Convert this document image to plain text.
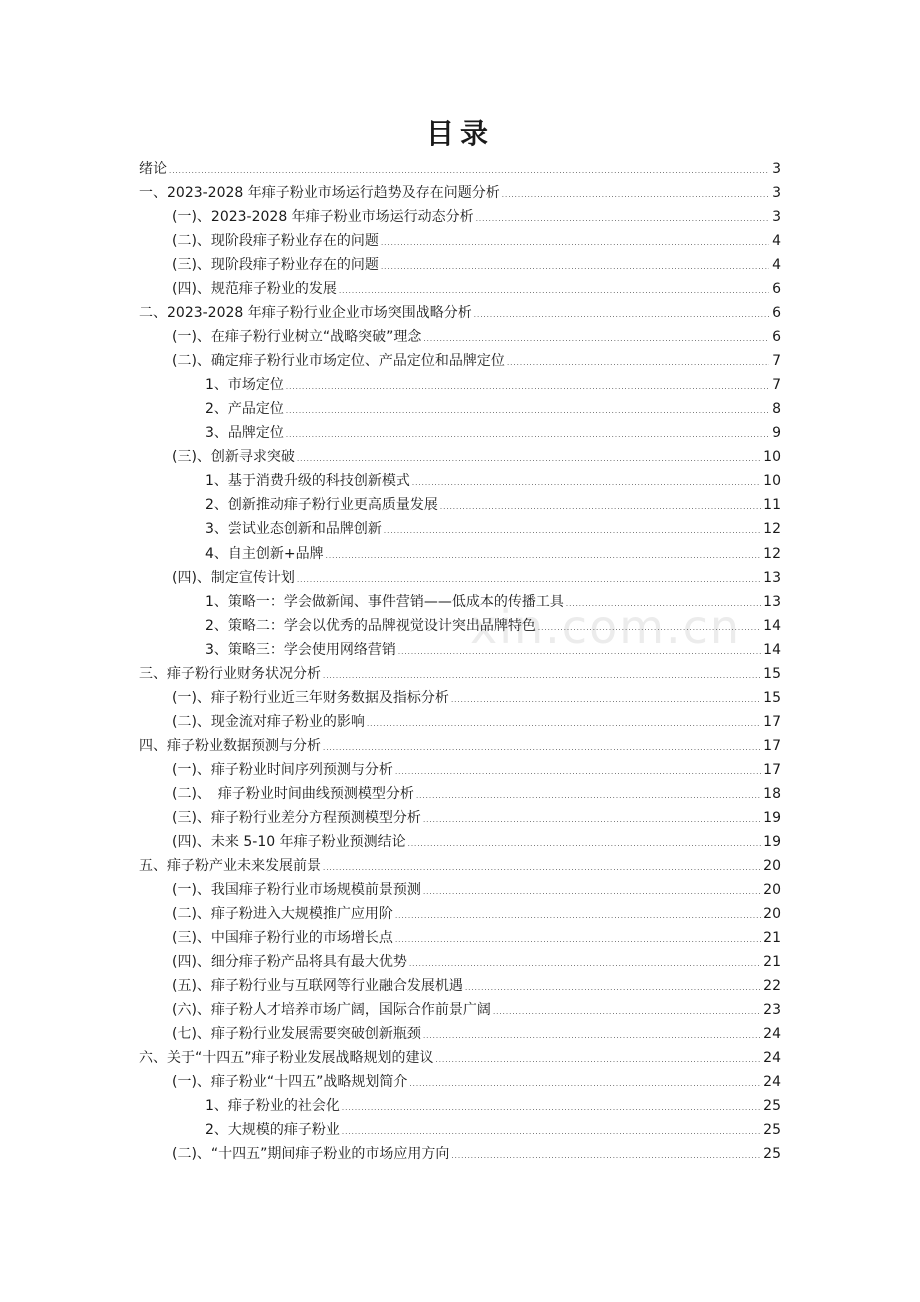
xin.com.cn
目录
绪论 .....	3
一、2023-2028 年痱子粉业市场运行趋势及存在问题分析 .....	3
(一)、2023-2028 年痱子粉业市场运行动态分析 .....	3
(二)、现阶段痱子粉业存在的问题 .....	4
(三)、现阶段痱子粉业存在的问题 .....	4
(四)、规范痱子粉业的发展 .....	6
二、2023-2028 年痱子粉行业企业市场突围战略分析 .....	6
(一)、在痱子粉行业树立“战略突破”理念 .....	6
(二)、确定痱子粉行业市场定位、产品定位和品牌定位 .....	7
1、市场定位 .....	7
2、产品定位 .....	8
3、品牌定位 .....	9
(三)、创新寻求突破 .....	10
1、基于消费升级的科技创新模式 .....	10
2、创新推动痱子粉行业更高质量发展 .....	11
3、尝试业态创新和品牌创新 .....	12
4、自主创新+品牌 .....	12
(四)、制定宣传计划 .....	13
1、策略一：学会做新闻、事件营销——低成本的传播工具 .....	13
2、策略二：学会以优秀的品牌视觉设计突出品牌特色 .....	14
3、策略三：学会使用网络营销 .....	14
三、痱子粉行业财务状况分析 .....	15
(一)、痱子粉行业近三年财务数据及指标分析 .....	15
(二)、现金流对痱子粉业的影响 .....	17
四、痱子粉业数据预测与分析 .....	17
(一)、痱子粉业时间序列预测与分析 .....	17
(二)、　痱子粉业时间曲线预测模型分析 .....	18
(三)、痱子粉行业差分方程预测模型分析 .....	19
(四)、未来 5-10 年痱子粉业预测结论 .....	19
五、痱子粉产业未来发展前景 .....	20
(一)、我国痱子粉行业市场规模前景预测 .....	20
(二)、痱子粉进入大规模推广应用阶 .....	20
(三)、中国痱子粉行业的市场增长点 .....	21
(四)、细分痱子粉产品将具有最大优势 .....	21
(五)、痱子粉行业与互联网等行业融合发展机遇 .....	22
(六)、痱子粉人才培养市场广阔，国际合作前景广阔 .....	23
(七)、痱子粉行业发展需要突破创新瓶颈 .....	24
六、关于“十四五”痱子粉业发展战略规划的建议 .....	24
(一)、痱子粉业“十四五”战略规划简介 .....	24
1、痱子粉业的社会化 .....	25
2、大规模的痱子粉业 .....	25
(二)、“十四五”期间痱子粉业的市场应用方向 .....	25
